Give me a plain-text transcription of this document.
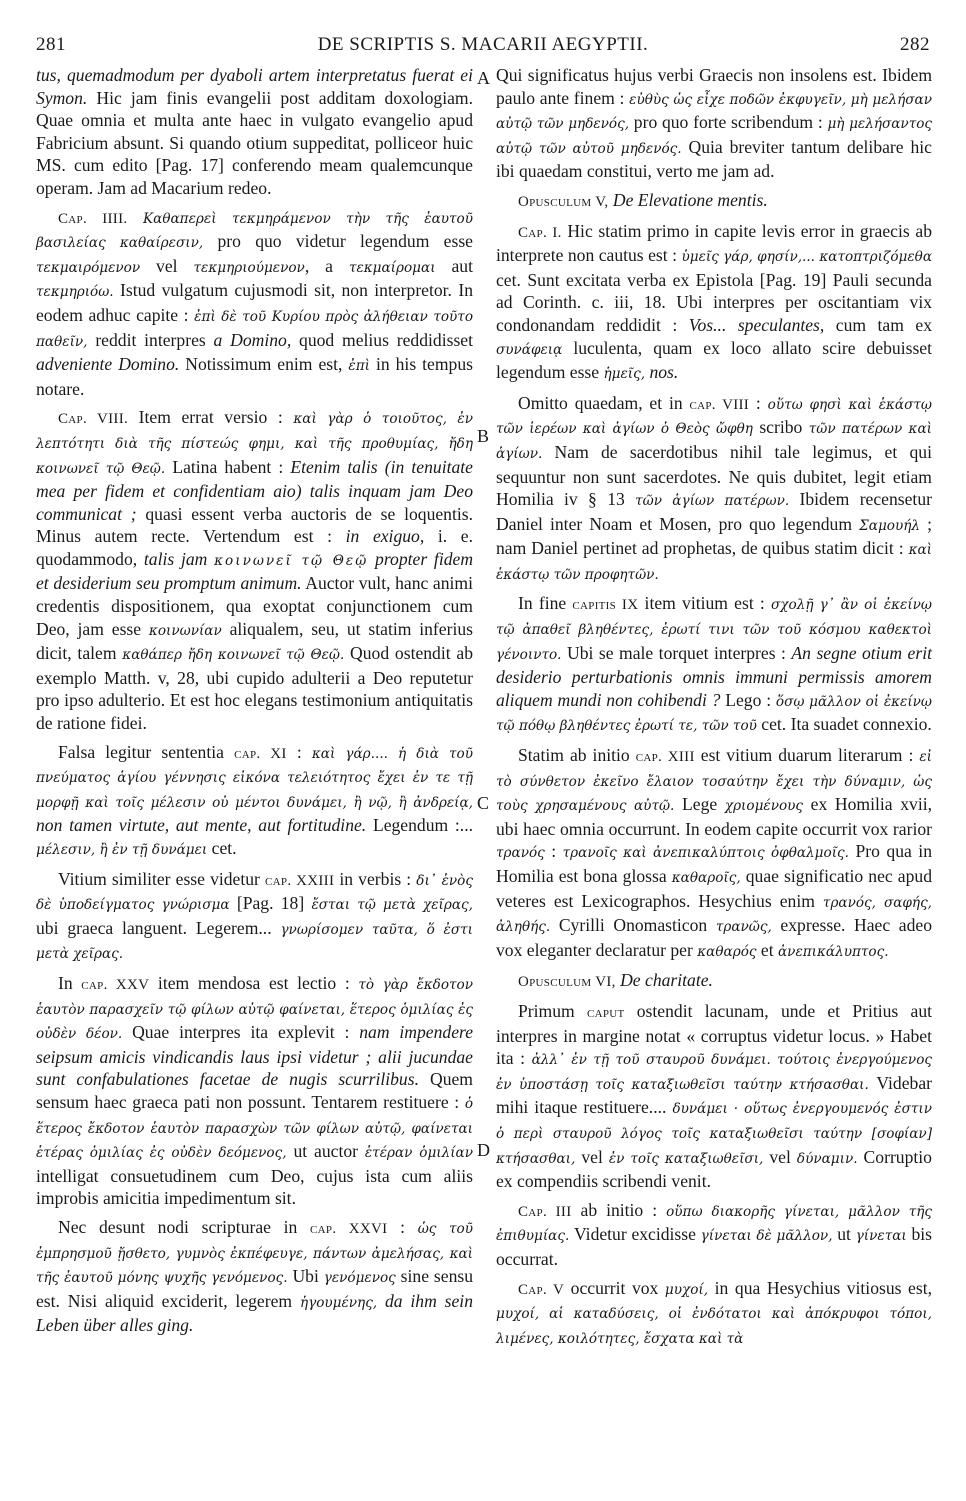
281	DE SCRIPTIS S. MACARII AEGYPTII.	282
A
B
C
D

tus, quemadmodum per dyaboli artem interpretatus fuerat ei Symon. Hic jam finis evangelii post additam doxologiam. Quae omnia et multa ante haec in vulgato evangelio apud Fabricium absunt. Si quando otium suppeditat, polliceor huic MS. cum edito [Pag. 17] conferendo meam qualemcunque operam. Jam ad Macarium redeo.

Cap. IIII. Καθαπερεὶ τεκμηράμενον τὴν τῆς ἑαυτοῦ βασιλείας καθαίρεσιν, pro quo videtur legendum esse τεκμαιρόμενον vel τεκμηριούμενον, a τεκμαίρομαι aut τεκμηριόω. Istud vulgatum cujusmodi sit, non interpretor. In eodem adhuc capite : ἐπὶ δὲ τοῦ Κυρίου πρὸς ἀλήθειαν τοῦτο παθεῖν, reddit interpres a Domino, quod melius reddidisset adveniente Domino. Notissimum enim est, ἐπὶ in his tempus notare.

Cap. VIII. Item errat versio : καὶ γὰρ ὁ τοιοῦτος, ἐν λεπτότητι διὰ τῆς πίστεώς φημι, καὶ τῆς προθυμίας, ἤδη κοινωνεῖ τῷ Θεῷ. Latina habent : Etenim talis (in tenuitate mea per fidem et confidentiam aio) talis inquam jam Deo communicat ; quasi essent verba auctoris de se loquentis. Minus autem recte. Vertendum est : in exiguo, i. e. quodammodo, talis jam κοινωνεῖ τῷ Θεῷ propter fidem et desiderium seu promptum animum. Auctor vult, hanc animi credentis dispositionem, qua exoptat conjunctionem cum Deo, jam esse κοινωνίαν aliqualem, seu, ut statim inferius dicit, talem καθάπερ ἤδη κοινωνεῖ τῷ Θεῷ. Quod ostendit ab exemplo Matth. v, 28, ubi cupido adulterii a Deo reputetur pro ipso adulterio. Et est hoc elegans testimonium antiquitatis de ratione fidei.

Falsa legitur sententia cap. XI : καὶ γάρ.... ἡ διὰ τοῦ πνεύματος ἁγίου γέννησις εἰκόνα τελειότητος ἔχει ἐν τε τῇ μορφῇ καὶ τοῖς μέλεσιν οὐ μέντοι δυνάμει, ἢ νῷ, ἢ ἀνδρείᾳ, non tamen virtute, aut mente, aut fortitudine. Legendum :... μέλεσιν, ἢ ἐν τῇ δυνάμει cet.

Vitium similiter esse videtur cap. XXIII in verbis : δι᾽ ἑνὸς δὲ ὑποδείγματος γνώρισμα [Pag. 18] ἔσται τῷ μετὰ χεῖρας, ubi graeca languent. Legerem... γνωρίσομεν ταῦτα, ὅ ἐστι μετὰ χεῖρας.

In cap. XXV item mendosa est lectio : τὸ γὰρ ἔκδοτον ἑαυτὸν παρασχεῖν τῷ φίλων αὐτῷ φαίνεται, ἕτερος ὁμιλίας ἐς οὐδὲν δέον. Quae interpres ita explevit : nam impendere seipsum amicis vindicandis laus ipsi videtur ; alii jucundae sunt confabulationes facetae de nugis scurrilibus. Quem sensum haec graeca pati non possunt. Tentarem restituere : ὁ ἕτερος ἔκδοτον ἑαυτὸν παρασχὼν τῶν φίλων αὐτῷ, φαίνεται ἑτέρας ὁμιλίας ἐς οὐδὲν δεόμενος, ut auctor ἑτέραν ὁμιλίαν intelligat consuetudinem cum Deo, cujus ista cum aliis improbis amicitia impedimentum sit.

Nec desunt nodi scripturae in cap. XXVI : ὡς τοῦ ἐμπρησμοῦ ᾔσθετο, γυμνὸς ἐκπέφευγε, πάντων ἀμελήσας, καὶ τῆς ἑαυτοῦ μόνης ψυχῆς γενόμενος. Ubi γενόμενος sine sensu est. Nisi aliquid exciderit, legerem ἡγουμένης, da ihm sein Leben über alles ging.

Qui significatus hujus verbi Graecis non insolens est. Ibidem paulo ante finem : εὐθὺς ὡς εἶχε ποδῶν ἐκφυγεῖν, μὴ μελήσαν αὐτῷ τῶν μηδενός, pro quo forte scribendum : μὴ μελήσαντος αὐτῷ τῶν αὐτοῦ μηδενός. Quia breviter tantum delibare hic ibi quaedam constitui, verto me jam ad.

Opusculum V, De Elevatione mentis.

Cap. I. Hic statim primo in capite levis error in graecis ab interprete non cautus est : ὑμεῖς γάρ, φησίν,... κατοπτριζόμεθα cet. Sunt excitata verba ex Epistola [Pag. 19] Pauli secunda ad Corinth. c. iii, 18. Ubi interpres per oscitantiam vix condonandam reddidit : Vos... speculantes, cum tam ex συνάφειᾳ luculenta, quam ex loco allato scire debuisset legendum esse ἡμεῖς, nos.

Omitto quaedam, et in cap. VIII : οὕτω φησὶ καὶ ἑκάστῳ τῶν ἱερέων καὶ ἁγίων ὁ Θεὸς ὤφθη scribo τῶν πατέρων καὶ ἁγίων. Nam de sacerdotibus nihil tale legimus, et qui sequuntur non sunt sacerdotes. Ne quis dubitet, legit etiam Homilia iv § 13 τῶν ἁγίων πατέρων. Ibidem recensetur Daniel inter Noam et Mosen, pro quo legendum Σαμουήλ ; nam Daniel pertinet ad prophetas, de quibus statim dicit : καὶ ἑκάστῳ τῶν προφητῶν.

In fine capitis IX item vitium est : σχολῇ γ᾽ ἂν οἱ ἐκείνῳ τῷ ἀπαθεῖ βληθέντες, ἐρωτί τινι τῶν τοῦ κόσμου καθεκτοὶ γένοιντο. Ubi se male torquet interpres : An segne otium erit desiderio perturbationis omnis immuni permissis amorem aliquem mundi non cohibendi ? Lego : ὅσῳ μᾶλλον οἱ ἐκείνῳ τῷ πόθῳ βληθέντες ἐρωτί τε, τῶν τοῦ cet. Ita suadet connexio.

Statim ab initio cap. XIII est vitium duarum literarum : εἰ τὸ σύνθετον ἐκεῖνο ἔλαιον τοσαύτην ἔχει τὴν δύναμιν, ὡς τοὺς χρησαμένους αὐτῷ. Lege χριομένους ex Homilia xvii, ubi haec omnia occurrunt. In eodem capite occurrit vox rarior τρανός : τρανοῖς καὶ ἀνεπικαλύπτοις ὀφθαλμοῖς. Pro qua in Homilia est bona glossa καθαροῖς, quae significatio nec apud veteres est Lexicographos. Hesychius enim τρανός, σαφής, ἀληθής. Cyrilli Onomasticon τρανῶς, expresse. Haec adeo vox eleganter declaratur per καθαρός et ἀνεπικάλυπτος.

Opusculum VI, De charitate.

Primum caput ostendit lacunam, unde et Pritius aut interpres in margine notat « corruptus videtur locus. » Habet ita : ἀλλ᾽ ἐν τῇ τοῦ σταυροῦ δυνάμει. τούτοις ἐνεργούμενος ἐν ὑποστάσῃ τοῖς καταξιωθεῖσι ταύτην κτήσασθαι. Videbar mihi itaque restituere.... δυνάμει · οὕτως ἐνεργουμενός ἐστιν ὁ περὶ σταυροῦ λόγος τοῖς καταξιωθεῖσι ταύτην [σοφίαν] κτήσασθαι, vel ἐν τοῖς καταξιωθεῖσι, vel δύναμιν. Corruptio ex compendiis scribendi venit.

Cap. III ab initio : οὕπω διακορῆς γίνεται, μᾶλλον τῆς ἐπιθυμίας. Videtur excidisse γίνεται δὲ μᾶλλον, ut γίνεται bis occurrat.

Cap. V occurrit vox μυχοί, in qua Hesychius vitiosus est, μυχοί, αἱ καταδύσεις, οἱ ἐνδότατοι καὶ ἀπόκρυφοι τόποι, λιμένες, κοιλότητες, ἔσχατα καὶ τὰ
